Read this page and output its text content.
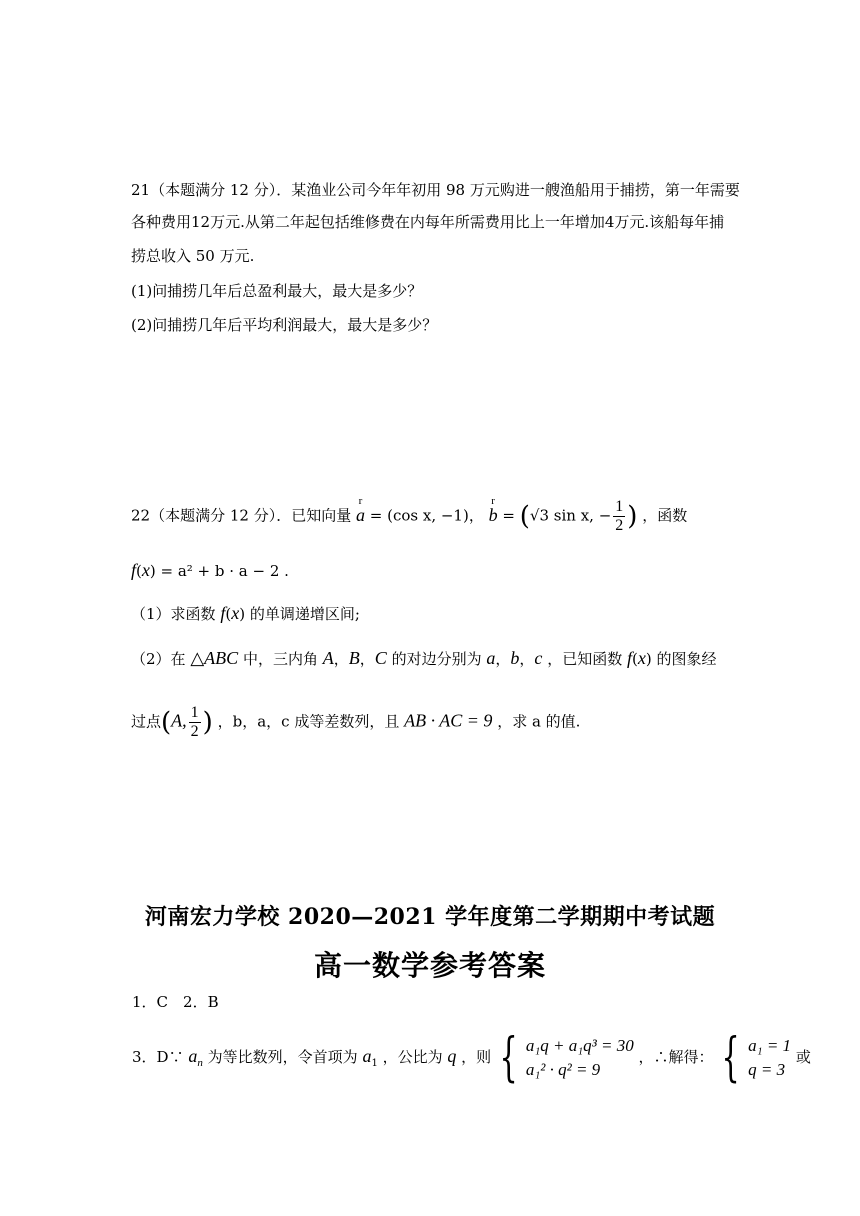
21（本题满分 12 分）．某渔业公司今年年初用 98 万元购进一艘渔船用于捕捞，第一年需要
各种费用12万元.从第二年起包括维修费在内每年所需费用比上一年增加4万元.该船每年捕
捞总收入 50 万元.
(1)问捕捞几年后总盈利最大，最大是多少？
(2)问捕捞几年后平均利润最大，最大是多少？
22（本题满分 12 分）．已知向量 a
r
= (cos x, −1)， b
r
= (√3 sin x, − $\frac{1}{2}$ ) ，函数
f(x) = a² + b · a − 2 .
（1）求函数 f(x) 的单调递增区间;
（2）在 △ABC 中，三内角 A，B，C 的对边分别为 a，b，c ，已知函数 f(x) 的图象经
过点(A, $\frac{1}{2}$ ) ，b，a，c 成等差数列，且 AB · AC = 9 ，求 a 的值.
河南宏力学校 2020—2021 学年度第二学期期中考试题
高一数学参考答案
1．C　2．B
3．D∵ $a_n$ 为等比数列，令首项为 $a_1$ ，公比为 q ，则 { a₁q + a₁q³ = 30
a₁² · q² = 9 ，∴解得： { a₁ = 1
q = 3 或
